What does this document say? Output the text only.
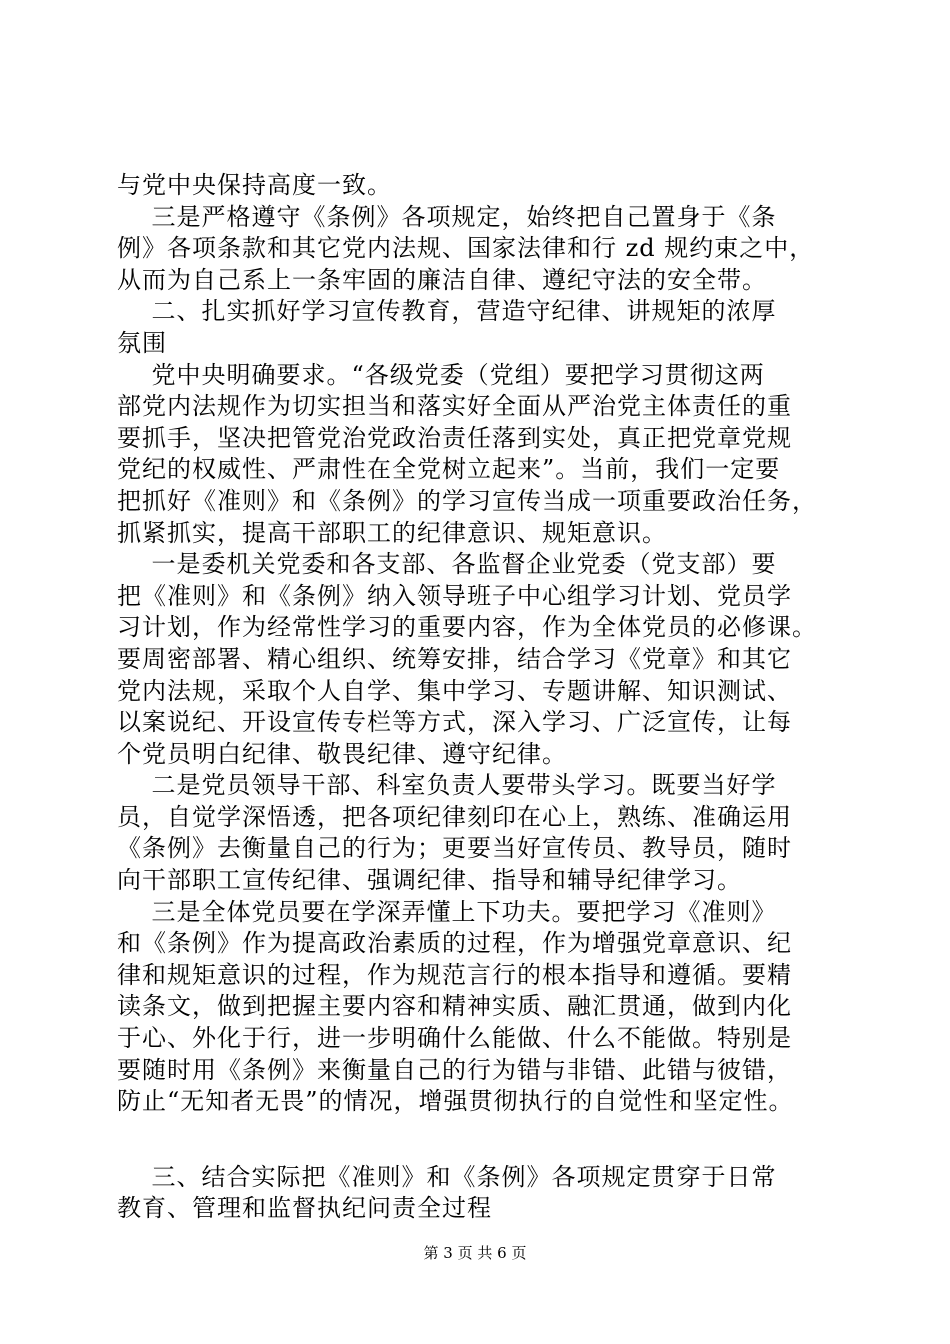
与党中央保持高度一致。
三是严格遵守《条例》各项规定，始终把自己置身于《条
例》各项条款和其它党内法规、国家法律和行 zd 规约束之中，
从而为自己系上一条牢固的廉洁自律、遵纪守法的安全带。
二、扎实抓好学习宣传教育，营造守纪律、讲规矩的浓厚
氛围
党中央明确要求。“各级党委（党组）要把学习贯彻这两
部党内法规作为切实担当和落实好全面从严治党主体责任的重
要抓手，坚决把管党治党政治责任落到实处，真正把党章党规
党纪的权威性、严肃性在全党树立起来”。当前，我们一定要
把抓好《准则》和《条例》的学习宣传当成一项重要政治任务，
抓紧抓实，提高干部职工的纪律意识、规矩意识。
一是委机关党委和各支部、各监督企业党委（党支部）要
把《准则》和《条例》纳入领导班子中心组学习计划、党员学
习计划，作为经常性学习的重要内容，作为全体党员的必修课。
要周密部署、精心组织、统筹安排，结合学习《党章》和其它
党内法规，采取个人自学、集中学习、专题讲解、知识测试、
以案说纪、开设宣传专栏等方式，深入学习、广泛宣传，让每
个党员明白纪律、敬畏纪律、遵守纪律。
二是党员领导干部、科室负责人要带头学习。既要当好学
员，自觉学深悟透，把各项纪律刻印在心上，熟练、准确运用
《条例》去衡量自己的行为；更要当好宣传员、教导员，随时
向干部职工宣传纪律、强调纪律、指导和辅导纪律学习。
三是全体党员要在学深弄懂上下功夫。要把学习《准则》
和《条例》作为提高政治素质的过程，作为增强党章意识、纪
律和规矩意识的过程，作为规范言行的根本指导和遵循。要精
读条文，做到把握主要内容和精神实质、融汇贯通，做到内化
于心、外化于行，进一步明确什么能做、什么不能做。特别是
要随时用《条例》来衡量自己的行为错与非错、此错与彼错，
防止“无知者无畏”的情况，增强贯彻执行的自觉性和坚定性。
三、结合实际把《准则》和《条例》各项规定贯穿于日常
教育、管理和监督执纪问责全过程
第 3 页 共 6 页
